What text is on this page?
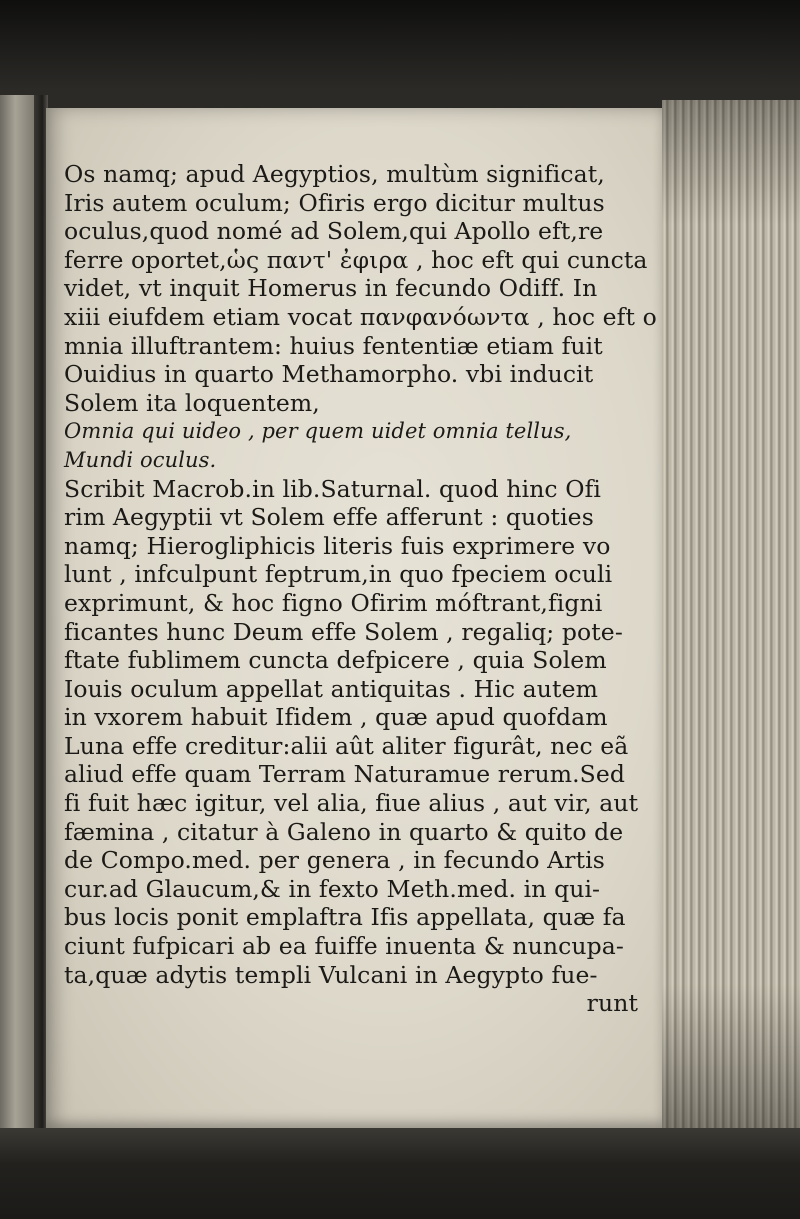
Os namq; apud Aegyptios, multùm significat,
Iris autem oculum; Ofiris ergo dicitur multus
oculus,quod nomé ad Solem,qui Apollo eft,re
ferre oportet,ὡς παντ' ἐφιρα , hoc eft qui cuncta
videt, vt inquit Homerus in fecundo Odiff. In
xiii eiufdem etiam vocat πανφανόωντα , hoc eft o
mnia illuftrantem: huius fententiæ etiam fuit
Ouidius in quarto Methamorpho. vbi inducit
Solem ita loquentem,
Omnia qui uideo , per quem uidet omnia tellus,
Mundi oculus.
Scribit Macrob.in lib.Saturnal. quod hinc Ofi
rim Aegyptii vt Solem effe afferunt : quoties
namq; Hierogliphicis literis fuis exprimere vo
lunt , infculpunt feptrum,in quo fpeciem oculi
exprimunt, & hoc figno Ofirim móftrant,figni
ficantes hunc Deum effe Solem , regaliq; pote-
ftate fublimem cuncta defpicere , quia Solem
Iouis oculum appellat antiquitas . Hic autem
in vxorem habuit Ifidem , quæ apud quofdam
Luna effe creditur:alii aût aliter figurât, nec eã
aliud effe quam Terram Naturamue rerum.Sed
fi fuit hæc igitur, vel alia, fiue alius , aut vir, aut
fæmina , citatur à Galeno in quarto & quito de
de Compo.med. per genera , in fecundo Artis
cur.ad Glaucum,& in fexto Meth.med. in qui-
bus locis ponit emplaftra Ifis appellata, quæ fa
ciunt fufpicari ab ea fuiffe inuenta & nuncupa-
ta,quæ adytis templi Vulcani in Aegypto fue-
runt
